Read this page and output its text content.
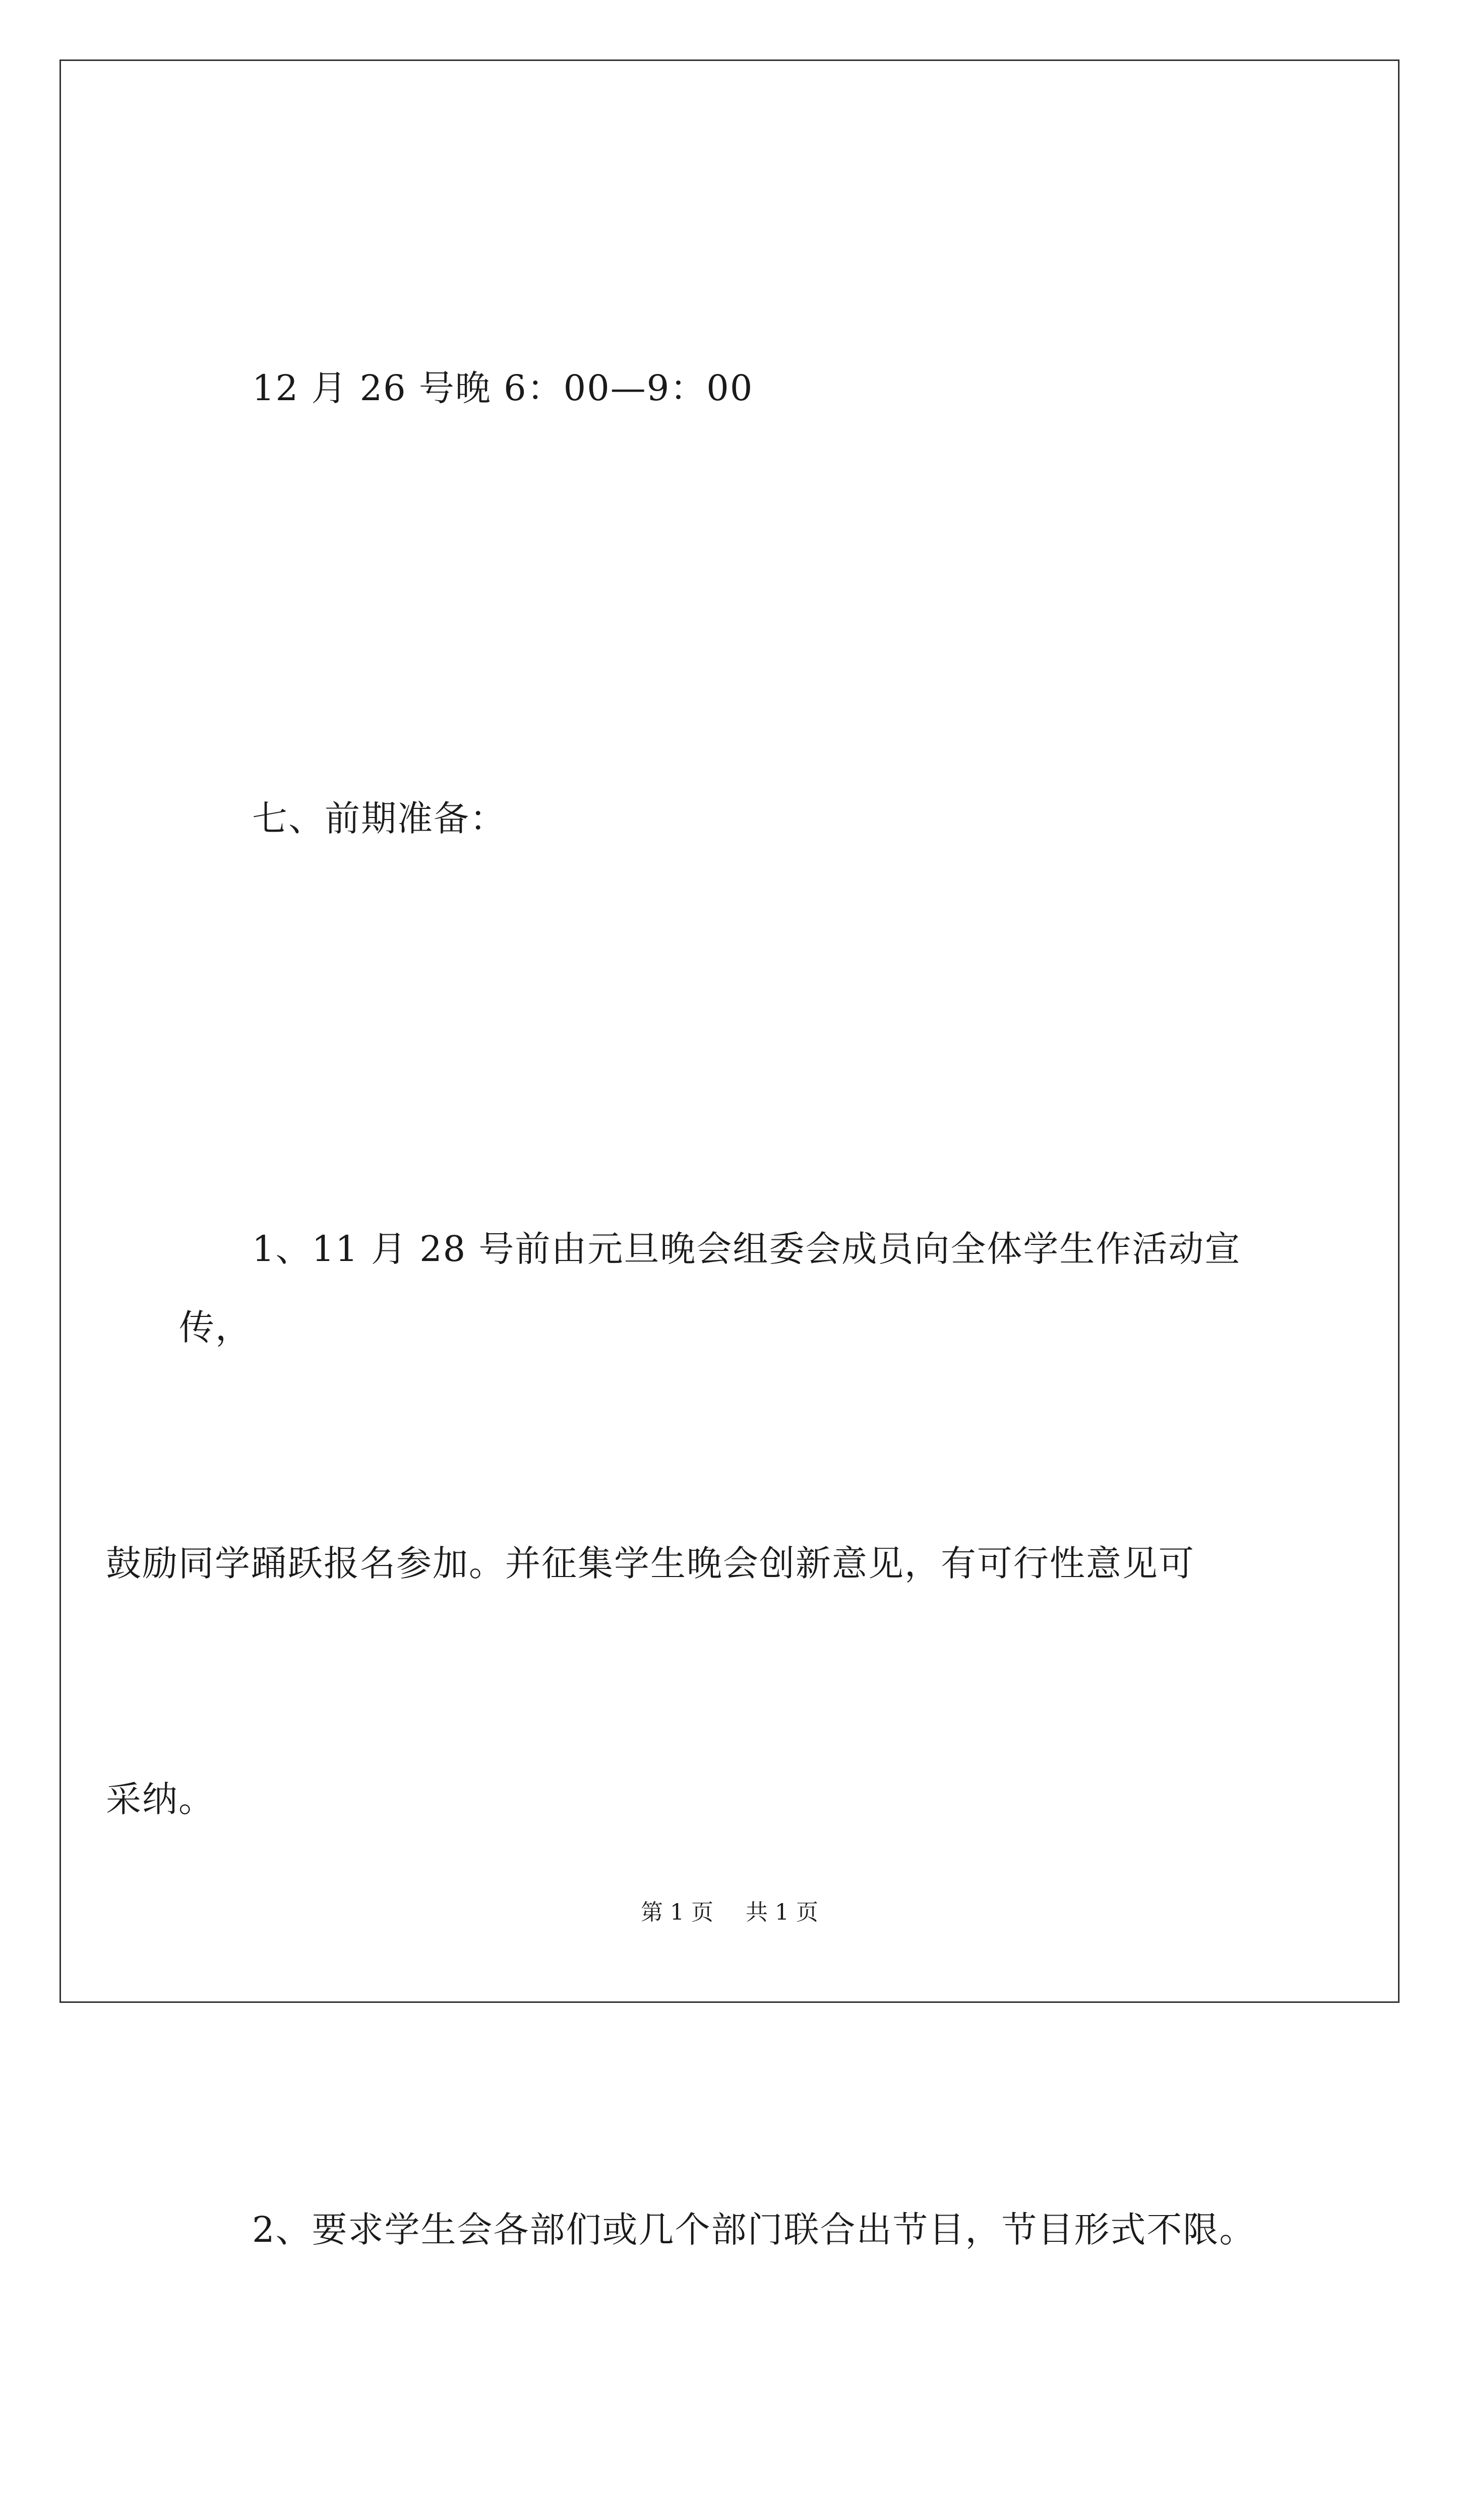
12 月 26 号晚 6：00—9：00

七、前期准备：

1、11 月 28 号前由元旦晚会组委会成员向全体学生作活动宣传，

鼓励同学踊跃报名参加。并征集学生晚会创新意见，有可行性意见可

采纳。

2、要求学生会各部们或几个部门联合出节目，节目形式不限。

第 1 页 共 1 页
